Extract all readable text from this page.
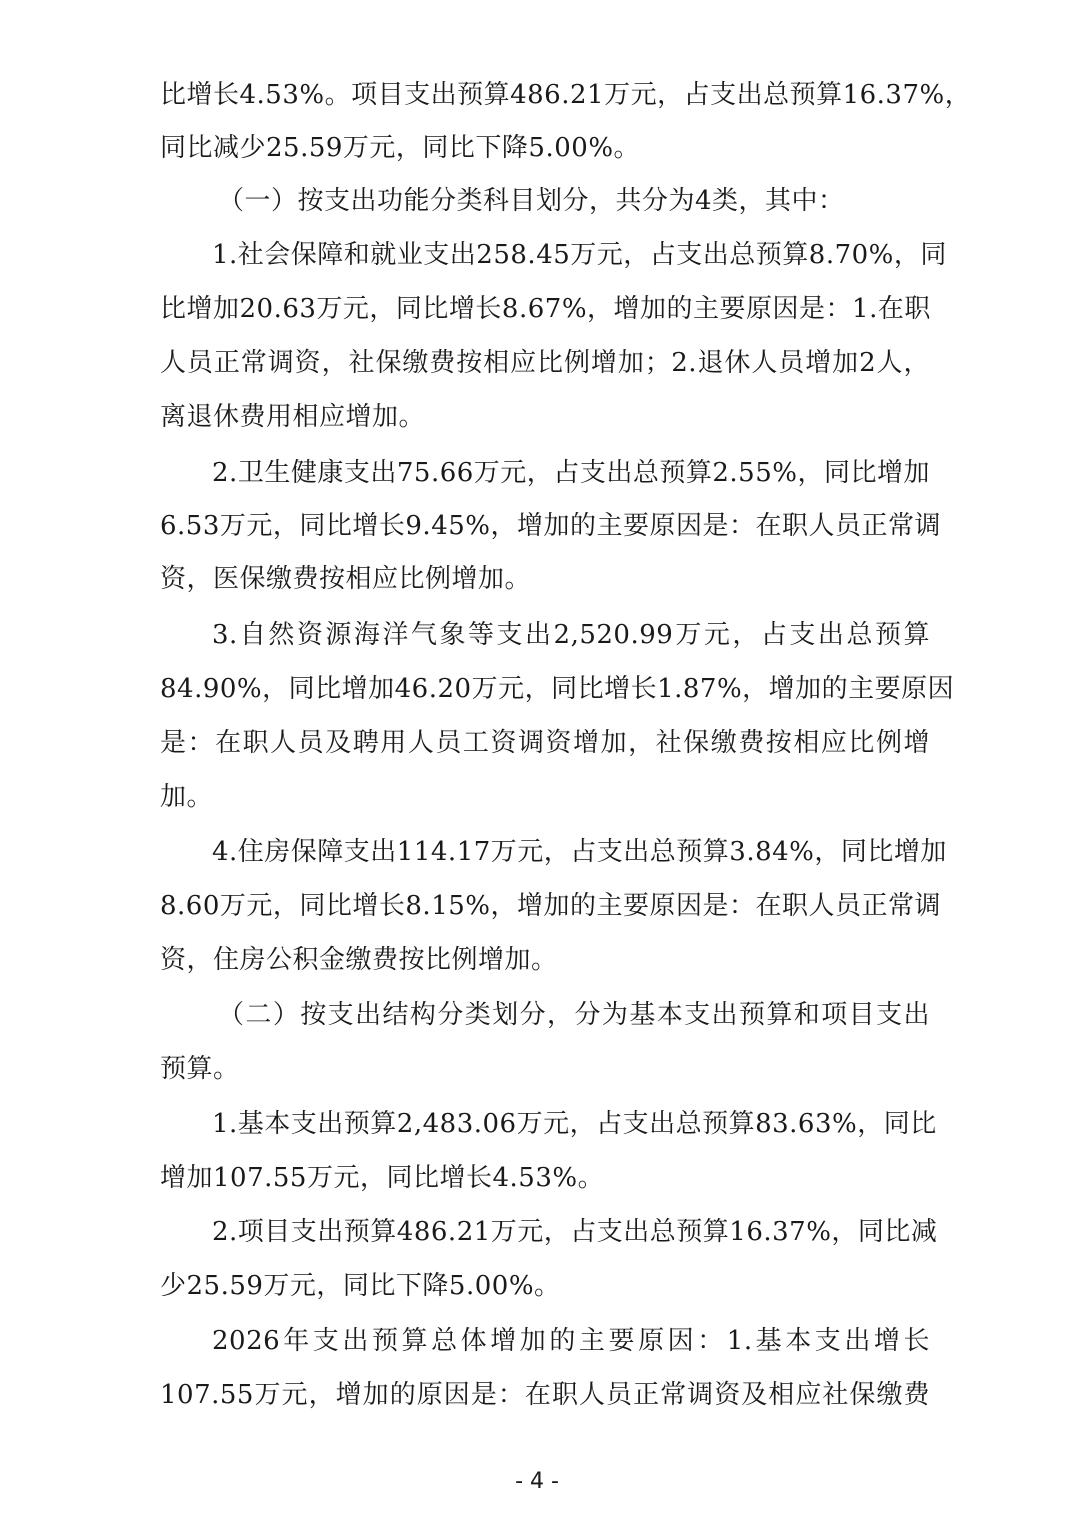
比增长4.53%。项目支出预算486.21万元，占支出总预算16.37%，
同比减少25.59万元，同比下降5.00%。
（一）按支出功能分类科目划分，共分为4类，其中：
1.社会保障和就业支出258.45万元，占支出总预算8.70%，同
比增加20.63万元，同比增长8.67%，增加的主要原因是：1.在职
人员正常调资，社保缴费按相应比例增加；2.退休人员增加2人，
离退休费用相应增加。
2.卫生健康支出75.66万元，占支出总预算2.55%，同比增加
6.53万元，同比增长9.45%，增加的主要原因是：在职人员正常调
资，医保缴费按相应比例增加。
3.自然资源海洋气象等支出2,520.99万元，占支出总预算
84.90%，同比增加46.20万元，同比增长1.87%，增加的主要原因
是：在职人员及聘用人员工资调资增加，社保缴费按相应比例增
加。
4.住房保障支出114.17万元，占支出总预算3.84%，同比增加
8.60万元，同比增长8.15%，增加的主要原因是：在职人员正常调
资，住房公积金缴费按比例增加。
（二）按支出结构分类划分，分为基本支出预算和项目支出
预算。
1.基本支出预算2,483.06万元，占支出总预算83.63%，同比
增加107.55万元，同比增长4.53%。
2.项目支出预算486.21万元，占支出总预算16.37%，同比减
少25.59万元，同比下降5.00%。
2026年支出预算总体增加的主要原因：1.基本支出增长
107.55万元，增加的原因是：在职人员正常调资及相应社保缴费
- 4 -
